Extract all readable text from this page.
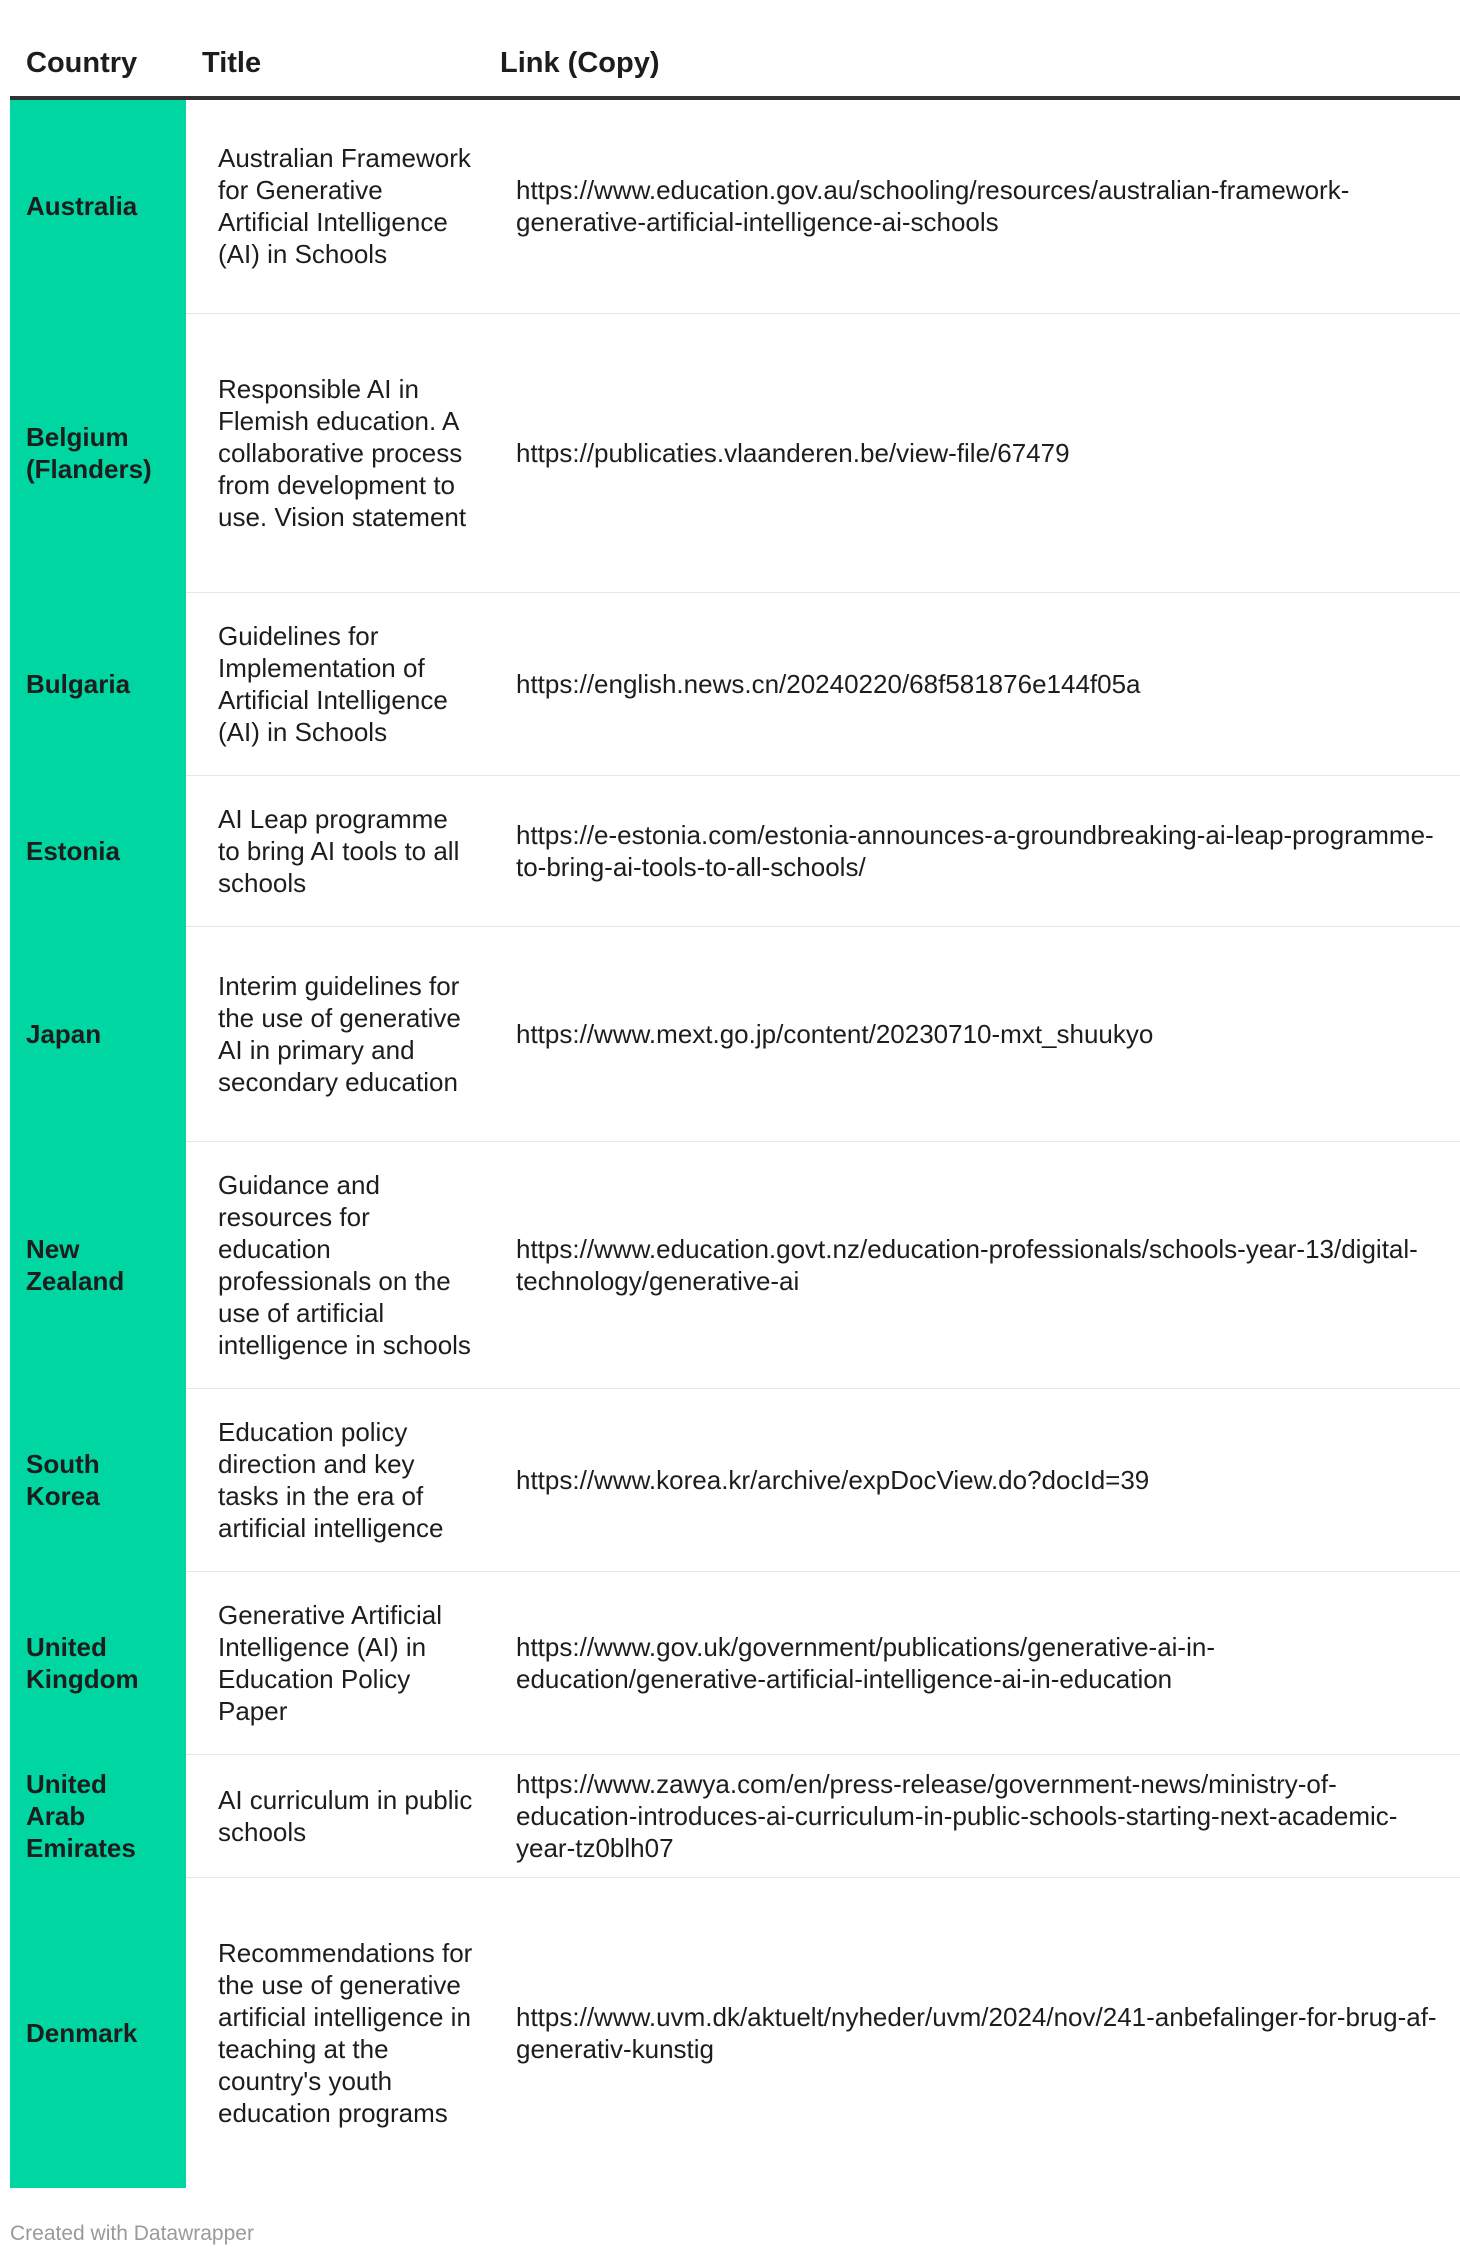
Country	Title	Link (Copy)
Australia	Australian Framework for Generative Artificial Intelligence (AI) in Schools	https://www.education.gov.au/schooling/resources/australian-framework-generative-artificial-intelligence-ai-schools
Belgium (Flanders)	Responsible AI in Flemish education. A collaborative process from development to use. Vision statement	https://publicaties.vlaanderen.be/view-file/67479
Bulgaria	Guidelines for Implementation of Artificial Intelligence (AI) in Schools	https://english.news.cn/20240220/68f581876e144f05a
Estonia	AI Leap programme to bring AI tools to all schools	https://e-estonia.com/estonia-announces-a-groundbreaking-ai-leap-programme-to-bring-ai-tools-to-all-schools/
Japan	Interim guidelines for the use of generative AI in primary and secondary education	https://www.mext.go.jp/content/20230710-mxt_shuukyo
New Zealand	Guidance and resources for education professionals on the use of artificial intelligence in schools	https://www.education.govt.nz/education-professionals/schools-year-13/digital-technology/generative-ai
South Korea	Education policy direction and key tasks in the era of artificial intelligence	https://www.korea.kr/archive/expDocView.do?docId=39
United Kingdom	Generative Artificial Intelligence (AI) in Education Policy Paper	https://www.gov.uk/government/publications/generative-ai-in-education/generative-artificial-intelligence-ai-in-education
United Arab Emirates	AI curriculum in public schools	https://www.zawya.com/en/press-release/government-news/ministry-of-education-introduces-ai-curriculum-in-public-schools-starting-next-academic-year-tz0blh07
Denmark	Recommendations for the use of generative artificial intelligence in teaching at the country's youth education programs	https://www.uvm.dk/aktuelt/nyheder/uvm/2024/nov/241-anbefalinger-for-brug-af-generativ-kunstig
Created with Datawrapper
